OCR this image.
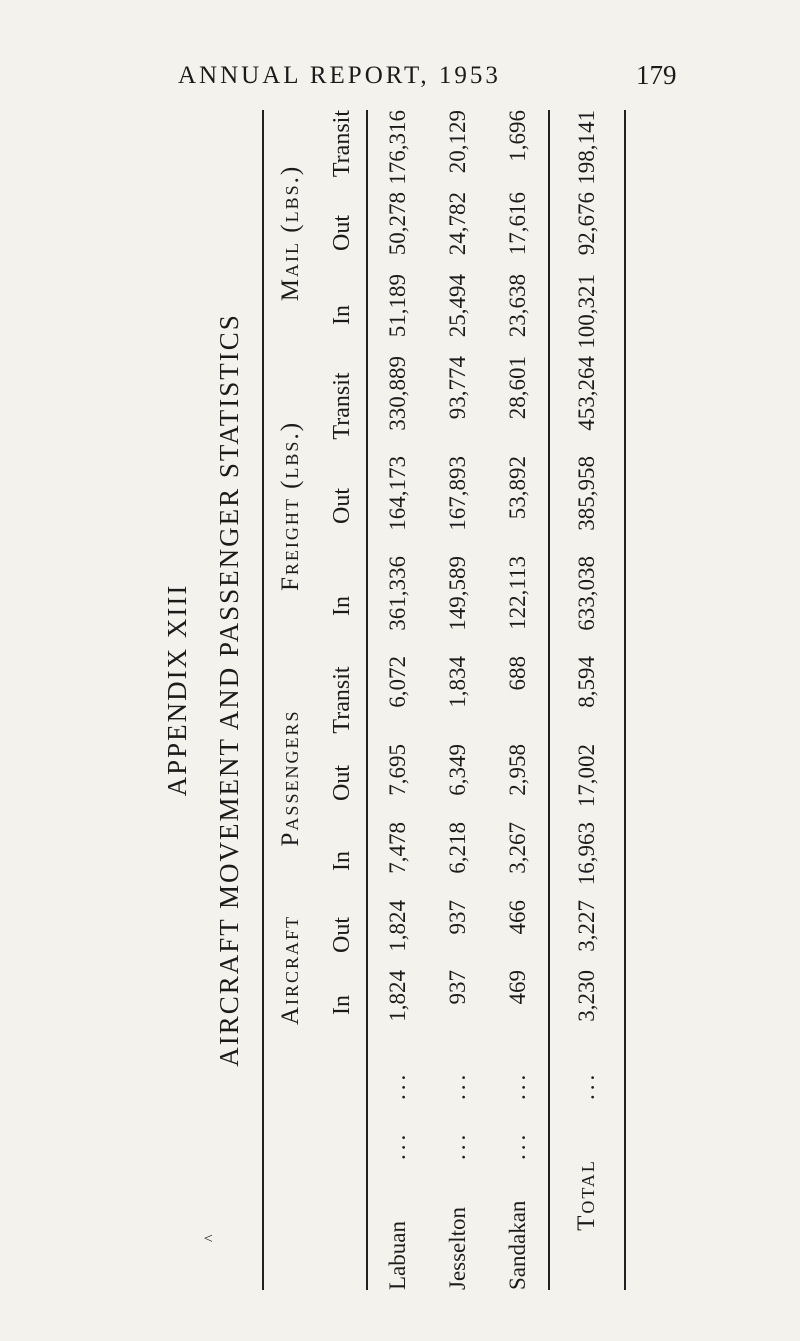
ANNUAL REPORT, 1953	179
APPENDIX XIII
^
AIRCRAFT MOVEMENT AND PASSENGER STATISTICS
			Aircraft		Passengers			Freight (lbs.)			Mail (lbs.)		
			In	Out	In	Out	Transit	In	Out	Transit	In	Out	Transit
Labuan	...	...	1,824	1,824	7,478	7,695	6,072	361,336	164,173	330,889	51,189	50,278	176,316
Jesselton	...	...	937	937	6,218	6,349	1,834	149,589	167,893	93,774	25,494	24,782	20,129
Sandakan	...	...	469	466	3,267	2,958	688	122,113	53,892	28,601	23,638	17,616	1,696
Total		...	3,230	3,227	16,963	17,002	8,594	633,038	385,958	453,264	100,321	92,676	198,141
